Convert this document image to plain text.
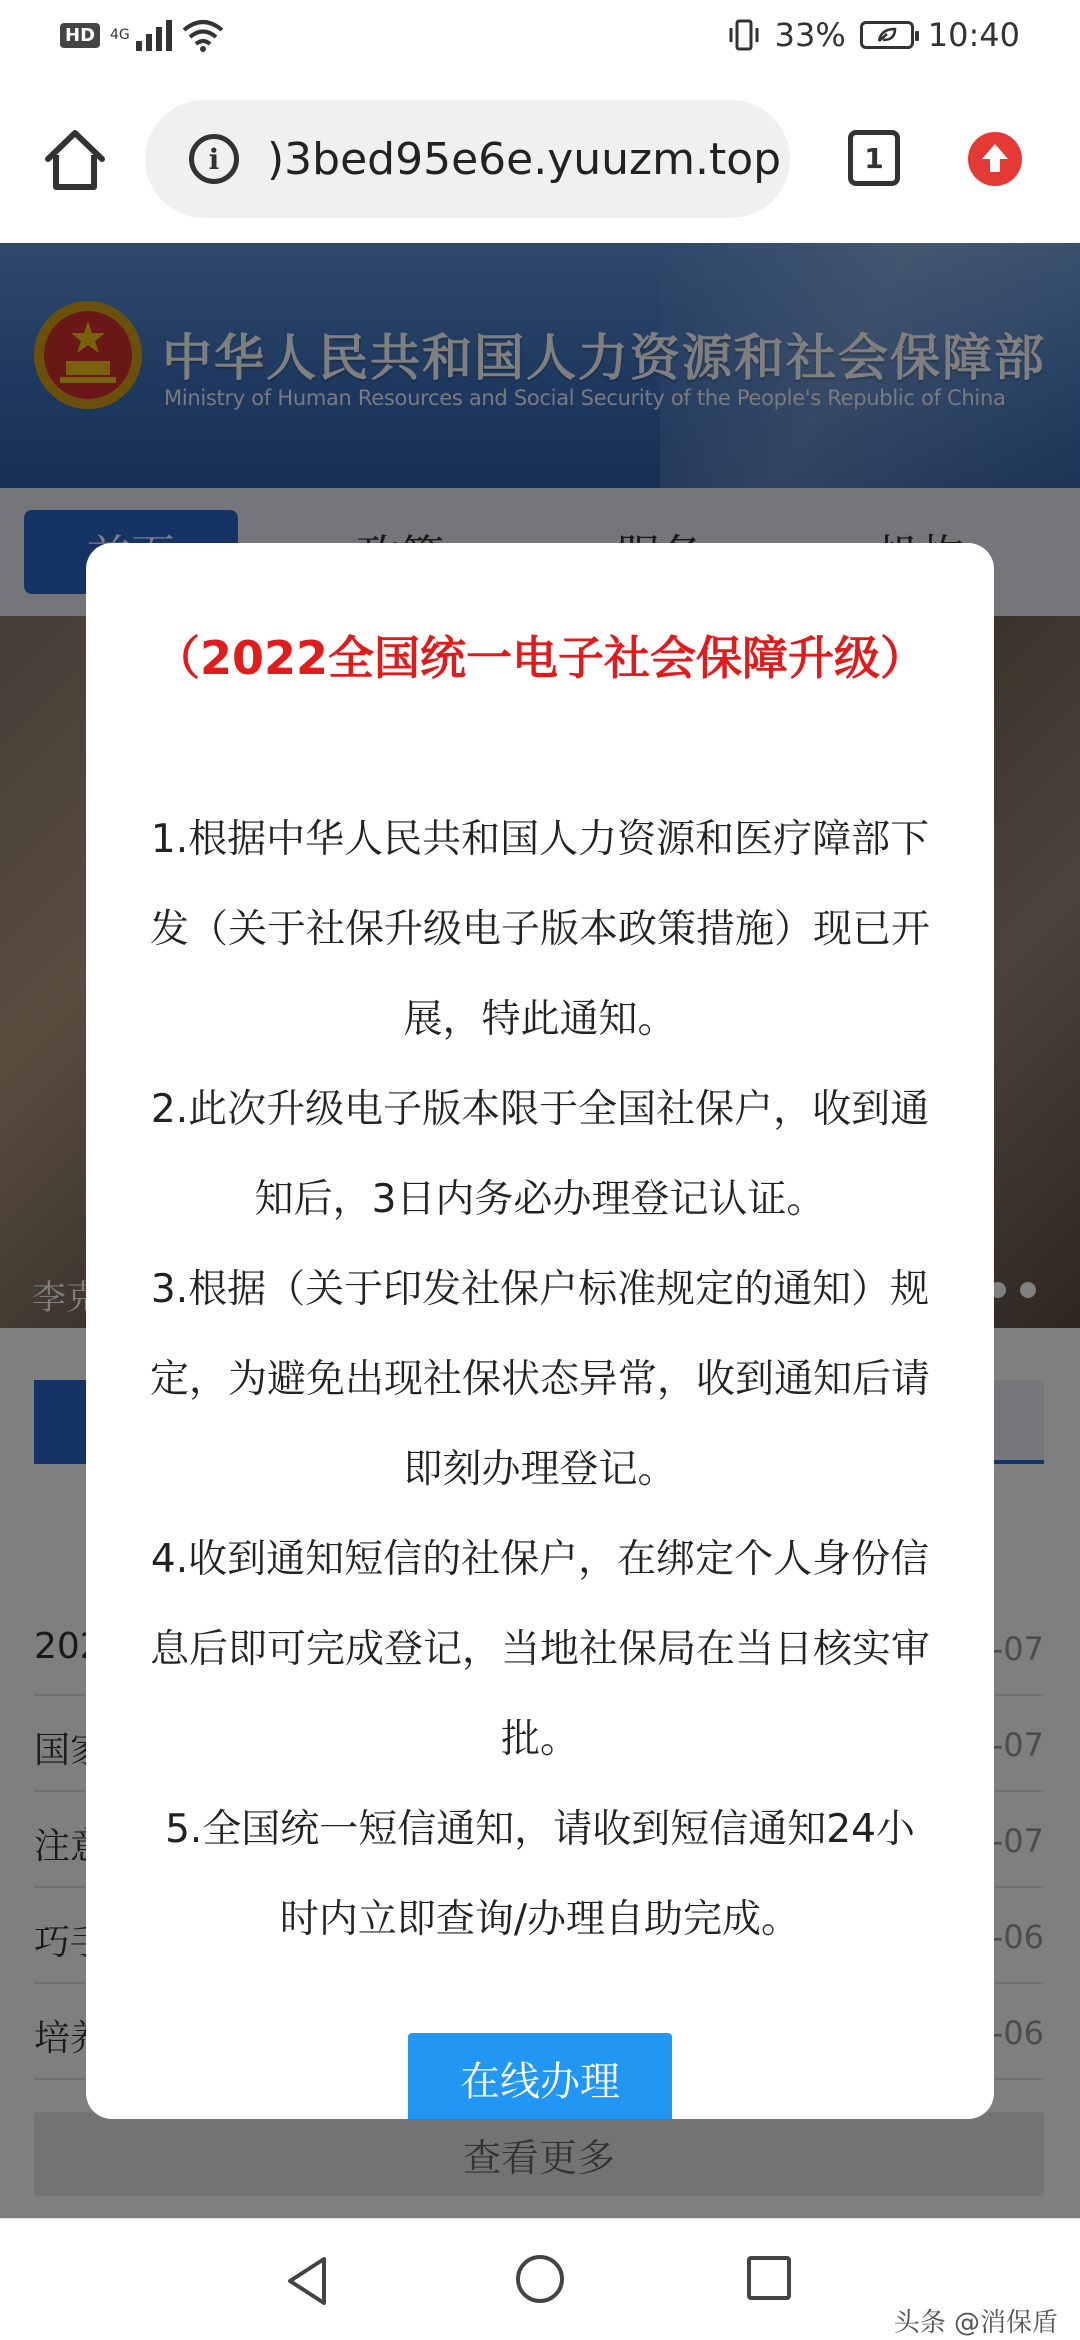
HD	4G	33%	10:40
i	)3bed95e6e.yuuzm.top	1
（2022全国统一电子社会保障升级）

1.根据中华人民共和国人力资源和医疗障部下发（关于社保升级电子版本政策措施）现已开展，特此通知。

2.此次升级电子版本限于全国社保户，收到通知后，3日内务必办理登记认证。

3.根据（关于印发社保户标准规定的通知）规定，为避免出现社保状态异常，收到通知后请即刻办理登记。

4.收到通知短信的社保户，在绑定个人身份信息后即可完成登记，当地社保局在当日核实审批。

5.全国统一短信通知，请收到短信通知24小时内立即查询/办理自助完成。

在线办理
头条 @消保盾
